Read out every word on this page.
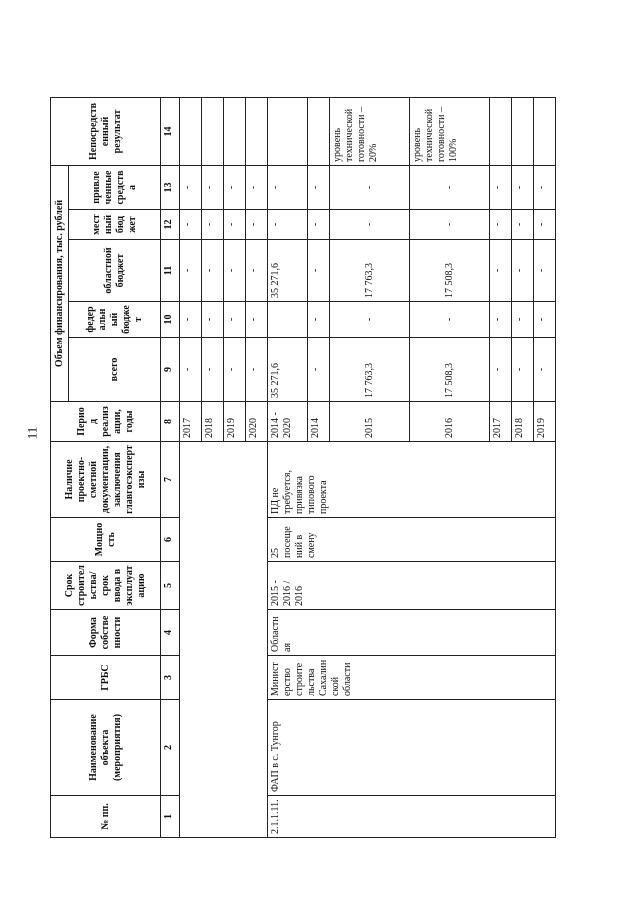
11
№ пп.	Наименование объекта (мероприятия)	ГРБС	Форма собственности	Срок строительства/срок ввода в эксплуатацию	Мощность	Наличие проектно-сметной документации, заключения главгосэкспертизы	Период реализации, годы	Объем финансирования, тыс. рублей					Непосредственный результат
								всего	федеральный бюджет	областной бюджет	местный бюджет	привлеченные средства	
1	2	3	4	5	6	7	8	9	10	11	12	13	14
							2017	-	-	-	-	-	
							2018	-	-	-	-	-	
							2019	-	-	-	-	-	
							2020	-	-	-	-	-	
2.1.1.11.	ФАП в с. Тунгор	Министерство строительства Сахалинской области	Областная	2015 - 2016 / 2016	25 посещений в смену	ПД не требуется, привязка типового проекта	2014 - 2020	35 271,6		35 271,6	-	-	
							2014	-	-	-	-	-	
							2015	17 763,3	-	17 763,3	-	-	уровень технической готовности – 20%
							2016	17 508,3	-	17 508,3	-	-	уровень технической готовности – 100%
							2017	-	-	-	-	-	
							2018	-	-	-	-	-	
							2019	-	-	-	-	-	
